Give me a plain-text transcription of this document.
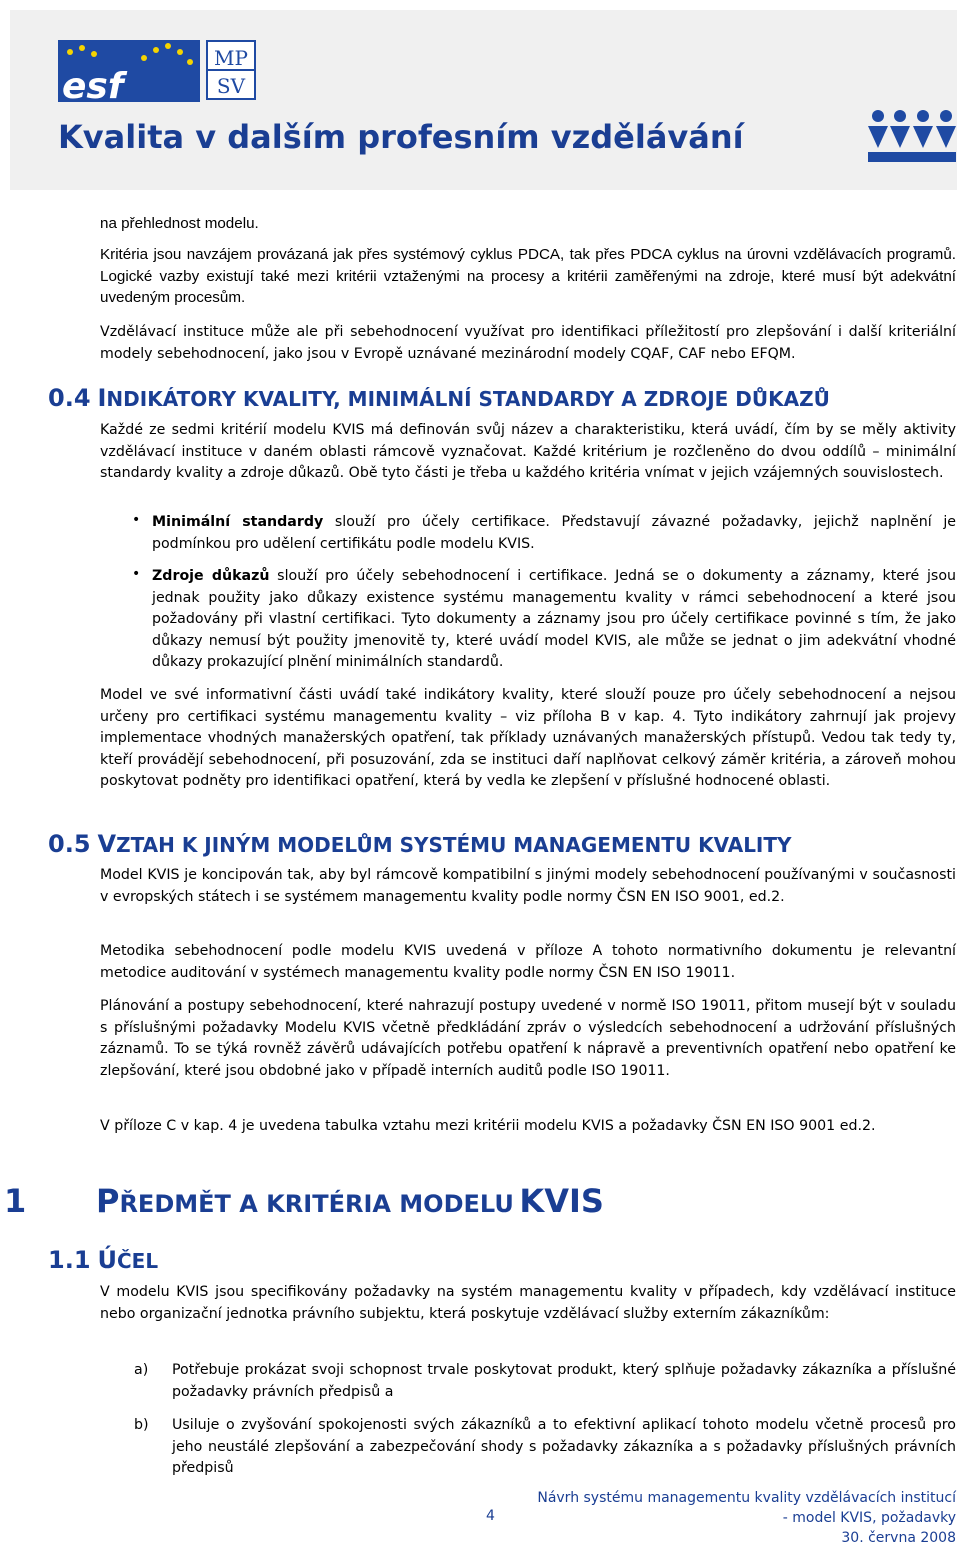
esf
MP
SV
Kvalita v dalším profesním vzdělávání

na přehlednost modelu.

Kritéria jsou navzájem provázaná jak přes systémový cyklus PDCA, tak přes PDCA cyklus na úrovni vzdělávacích programů. Logické vazby existují také mezi kritérii vztaženými na procesy a kritérii zaměřenými na zdroje, které musí být adekvátní uvedeným procesům.

Vzdělávací instituce může ale při sebehodnocení využívat pro identifikaci příležitostí pro zlepšování i další kriteriální modely sebehodnocení, jako jsou v Evropě uznávané mezinárodní modely CQAF, CAF nebo EFQM.

0.4 INDIKÁTORY KVALITY, MINIMÁLNÍ STANDARDY A ZDROJE DŮKAZŮ

Každé ze sedmi kritérií modelu KVIS má definován svůj název a charakteristiku, která uvádí, čím by se měly aktivity vzdělávací instituce v daném oblasti rámcově vyznačovat. Každé kritérium je rozčleněno do dvou oddílů – minimální standardy kvality a zdroje důkazů. Obě tyto části je třeba u každého kritéria vnímat v jejich vzájemných souvislostech.

• Minimální standardy slouží pro účely certifikace. Představují závazné požadavky, jejichž naplnění je podmínkou pro udělení certifikátu podle modelu KVIS.

• Zdroje důkazů slouží pro účely sebehodnocení i certifikace. Jedná se o dokumenty a záznamy, které jsou jednak použity jako důkazy existence systému managementu kvality v rámci sebehodnocení a které jsou požadovány při vlastní certifikaci. Tyto dokumenty a záznamy jsou pro účely certifikace povinné s tím, že jako důkazy nemusí být použity jmenovitě ty, které uvádí model KVIS, ale může se jednat o jim adekvátní vhodné důkazy prokazující plnění minimálních standardů.

Model ve své informativní části uvádí také indikátory kvality, které slouží pouze pro účely sebehodnocení a nejsou určeny pro certifikaci systému managementu kvality – viz příloha B v kap. 4. Tyto indikátory zahrnují jak projevy implementace vhodných manažerských opatření, tak příklady uznávaných manažerských přístupů. Vedou tak tedy ty, kteří provádějí sebehodnocení, při posuzování, zda se instituci daří naplňovat celkový záměr kritéria, a zároveň mohou poskytovat podněty pro identifikaci opatření, která by vedla ke zlepšení v příslušné hodnocené oblasti.

0.5 VZTAH K JINÝM MODELŮM SYSTÉMU MANAGEMENTU KVALITY

Model KVIS je koncipován tak, aby byl rámcově kompatibilní s jinými modely sebehodnocení používanými v současnosti v evropských státech i se systémem managementu kvality podle normy ČSN EN ISO 9001, ed.2.

Metodika sebehodnocení podle modelu KVIS uvedená v příloze A tohoto normativního dokumentu je relevantní metodice auditování v systémech managementu kvality podle normy ČSN EN ISO 19011.

Plánování a postupy sebehodnocení, které nahrazují postupy uvedené v normě ISO 19011, přitom musejí být v souladu s příslušnými požadavky Modelu KVIS včetně předkládání zpráv o výsledcích sebehodnocení a udržování příslušných záznamů. To se týká rovněž závěrů udávajících potřebu opatření k nápravě a preventivních opatření nebo opatření ke zlepšování, které jsou obdobné jako v případě interních auditů podle ISO 19011.

V příloze C v kap. 4 je uvedena tabulka vztahu mezi kritérii modelu KVIS a požadavky ČSN EN ISO 9001 ed.2.

1 PŘEDMĚT A KRITÉRIA MODELU KVIS
1.1 ÚČEL

V modelu KVIS jsou specifikovány požadavky na systém managementu kvality v případech, kdy vzdělávací instituce nebo organizační jednotka právního subjektu, která poskytuje vzdělávací služby externím zákazníkům:

a) Potřebuje prokázat svoji schopnost trvale poskytovat produkt, který splňuje požadavky zákazníka a příslušné požadavky právních předpisů a

b) Usiluje o zvyšování spokojenosti svých zákazníků a to efektivní aplikací tohoto modelu včetně procesů pro jeho neustálé zlepšování a zabezpečování shody s požadavky zákazníka a s požadavky příslušných právních předpisů

4
Návrh systému managementu kvality vzdělávacích institucí
- model KVIS, požadavky
30. června 2008
